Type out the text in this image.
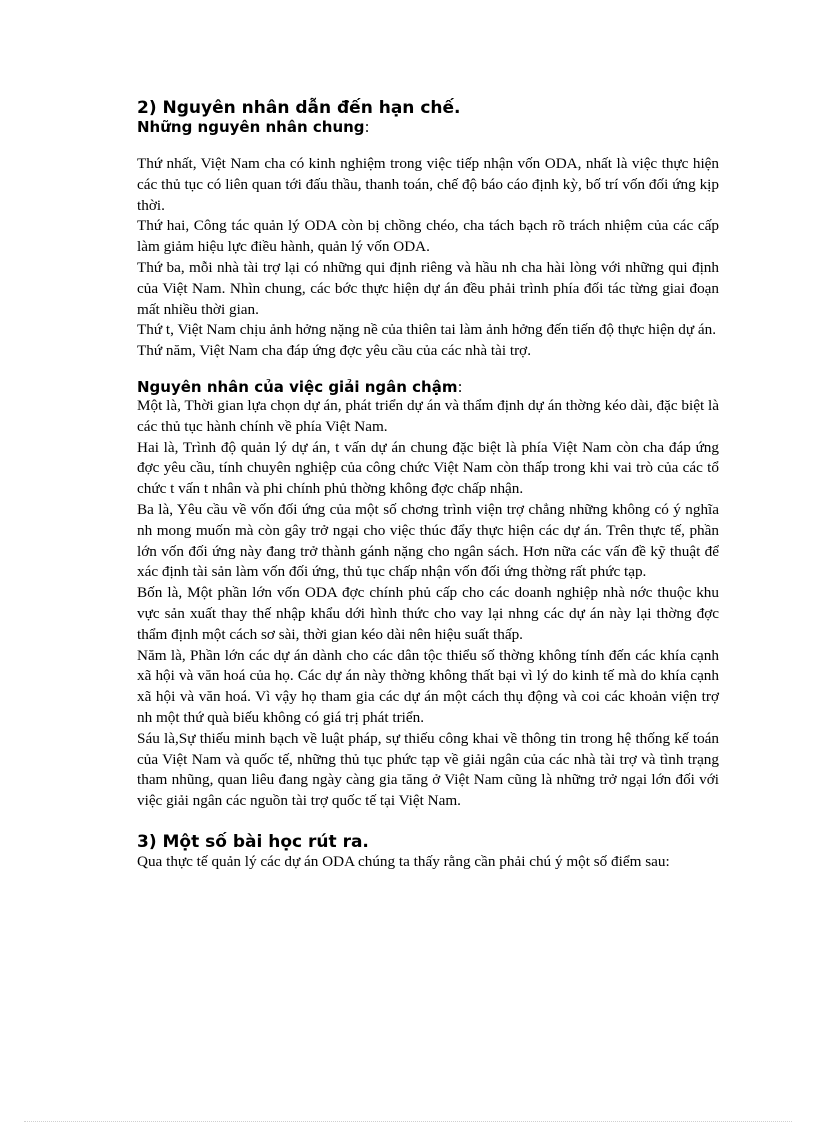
2) Nguyên nhân dẫn đến hạn chế.
Những nguyên nhân chung:

Thứ nhất, Việt Nam cha có kinh nghiệm trong việc tiếp nhận vốn ODA, nhất là việc thực hiện các thủ tục có liên quan tới đấu thầu, thanh toán, chế độ báo cáo định kỳ, bố trí vốn đối ứng kịp thời.

Thứ hai, Công tác quản lý ODA còn bị chồng chéo, cha tách bạch rõ trách nhiệm của các cấp làm giảm hiệu lực điều hành, quản lý vốn ODA.

Thứ ba, mỗi nhà tài trợ lại có những qui định riêng và hầu nh cha hài lòng với những qui định của Việt Nam. Nhìn chung, các bớc thực hiện dự án đều phải trình phía đối tác từng giai đoạn mất nhiều thời gian.

Thứ t, Việt Nam chịu ảnh hởng nặng nề của thiên tai làm ảnh hởng đến tiến độ thực hiện dự án.

Thứ năm, Việt Nam cha đáp ứng đợc yêu cầu của các nhà tài trợ.

Nguyên nhân của việc giải ngân chậm:

Một là, Thời gian lựa chọn dự án, phát triển dự án và thẩm định dự án thờng kéo dài, đặc biệt là các thủ tục hành chính về phía Việt Nam.

Hai là, Trình độ quản lý dự án, t vấn dự án chung đặc biệt là phía Việt Nam còn cha đáp ứng đợc yêu cầu, tính chuyên nghiệp của công chức Việt Nam còn thấp trong khi vai trò của các tổ chức t vấn t nhân và phi chính phủ thờng không đợc chấp nhận.

Ba là, Yêu cầu về vốn đối ứng của một số chơng trình viện trợ chẳng những không có ý nghĩa nh mong muốn mà còn gây trở ngại cho việc thúc đẩy thực hiện các dự án. Trên thực tế, phần lớn vốn đối ứng này đang trở thành gánh nặng cho ngân sách. Hơn nữa các vấn đề kỹ thuật để xác định tài sản làm vốn đối ứng, thủ tục chấp nhận vốn đối ứng thờng rất phức tạp.

Bốn là, Một phần lớn vốn ODA đợc chính phủ cấp cho các doanh nghiệp nhà nớc thuộc khu vực sản xuất thay thế nhập khẩu dới hình thức cho vay lại nhng các dự án này lại thờng đợc thẩm định một cách sơ sài, thời gian kéo dài nên hiệu suất thấp.

Năm là, Phần lớn các dự án dành cho các dân tộc thiểu số thờng không tính đến các khía cạnh xã hội và văn hoá của họ. Các dự án này thờng không thất bại vì lý do kinh tế mà do khía cạnh xã hội và văn hoá. Vì vậy họ tham gia các dự án một cách thụ động và coi các khoản viện trợ nh một thứ quà biếu không có giá trị phát triển.

Sáu là,Sự thiếu minh bạch về luật pháp, sự thiếu công khai về thông tin trong hệ thống kế toán của Việt Nam và quốc tế, những thủ tục phức tạp về giải ngân của các nhà tài trợ và tình trạng tham nhũng, quan liêu đang ngày càng gia tăng ở Việt Nam cũng là những trở ngại lớn đối với việc giải ngân các nguồn tài trợ quốc tế tại Việt Nam.

3) Một số bài học rút ra.

Qua thực tế quản lý các dự án ODA chúng ta thấy rằng cần phải chú ý một số điểm sau:
